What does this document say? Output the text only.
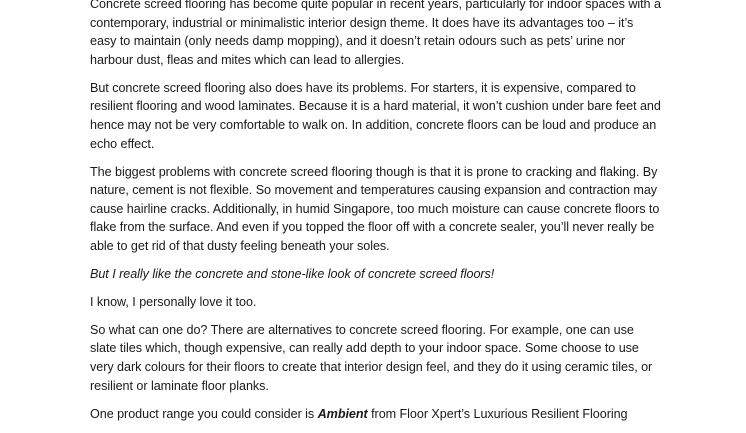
Concrete screed flooring has become quite popular in recent years, particularly for indoor spaces with a contemporary, industrial or minimalistic interior design theme. It does have its advantages too – it’s easy to maintain (only needs damp mopping), and it doesn’t retain odours such as pets’ urine nor harbour dust, fleas and mites which can lead to allergies.

But concrete screed flooring also does have its problems. For starters, it is expensive, compared to resilient flooring and wood laminates. Because it is a hard material, it won’t cushion under bare feet and hence may not be very comfortable to walk on. In addition, concrete floors can be loud and produce an echo effect.

The biggest problems with concrete screed flooring though is that it is prone to cracking and flaking. By nature, cement is not flexible. So movement and temperatures causing expansion and contraction may cause hairline cracks. Additionally, in humid Singapore, too much moisture can cause concrete floors to flake from the surface. And even if you topped the floor off with a concrete sealer, you’ll never really be able to get rid of that dusty feeling beneath your soles.

But I really like the concrete and stone-like look of concrete screed floors!

I know, I personally love it too.

So what can one do? There are alternatives to concrete screed flooring. For example, one can use slate tiles which, though expensive, can really add depth to your indoor space. Some choose to use very dark colours for their floors to create that interior design feel, and they do it using ceramic tiles, or resilient or laminate floor planks.

One product range you could consider is Ambient from Floor Xpert’s Luxurious Resilient Flooring
